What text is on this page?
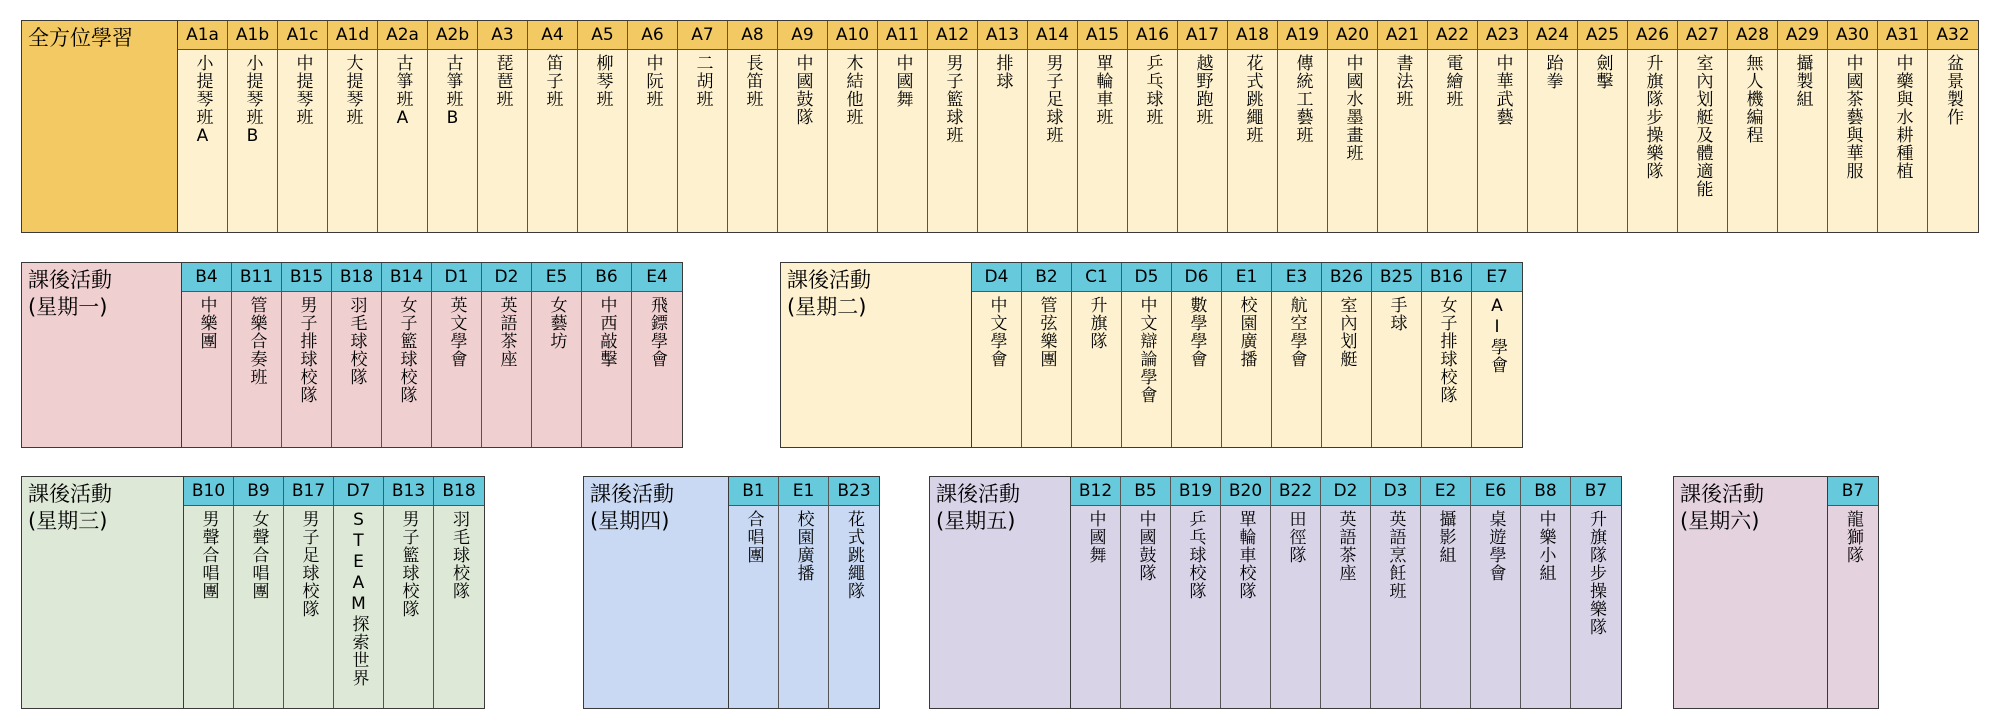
全方位學習	A1a
小提琴班A
A1b
小提琴班B
A1c
中提琴班
A1d
大提琴班
A2a
古箏班A
A2b
古箏班B
A3
琵琶班
A4
笛子班
A5
柳琴班
A6
中阮班
A7
二胡班
A8
長笛班
A9
中國鼓隊
A10
木結他班
A11
中國舞
A12
男子籃球班
A13
排球
A14
男子足球班
A15
單輪車班
A16
乒乓球班
A17
越野跑班
A18
花式跳繩班
A19
傳統工藝班
A20
中國水墨畫班
A21
書法班
A22
電繪班
A23
中華武藝
A24
跆拳
A25
劍擊
A26
升旗隊步操樂隊
A27
室內划艇及體適能
A28
無人機編程
A29
攝製組
A30
中國茶藝與華服
A31
中藥與水耕種植
A32
盆景製作
課後活動
(星期一)
B4
中樂團
B11
管樂合奏班
B15
男子排球校隊
B18
羽毛球校隊
B14
女子籃球校隊
D1
英文學會
D2
英語茶座
E5
女藝坊
B6
中西敲擊
E4
飛鏢學會
課後活動
(星期二)
D4
中文學會
B2
管弦樂團
C1
升旗隊
D5
中文辯論學會
D6
數學學會
E1
校園廣播
E3
航空學會
B26
室內划艇
B25
手球
B16
女子排球校隊
E7
AI學會
課後活動
(星期三)
B10
男聲合唱團
B9
女聲合唱團
B17
男子足球校隊
D7
STEAM探索世界
B13
男子籃球校隊
B18
羽毛球校隊
課後活動
(星期四)
B1
合唱團
E1
校園廣播
B23
花式跳繩隊
課後活動
(星期五)
B12
中國舞
B5
中國鼓隊
B19
乒乓球校隊
B20
單輪車校隊
B22
田徑隊
D2
英語茶座
D3
英語烹飪班
E2
攝影組
E6
桌遊學會
B8
中樂小組
B7
升旗隊步操樂隊
課後活動
(星期六)
B7
龍獅隊
